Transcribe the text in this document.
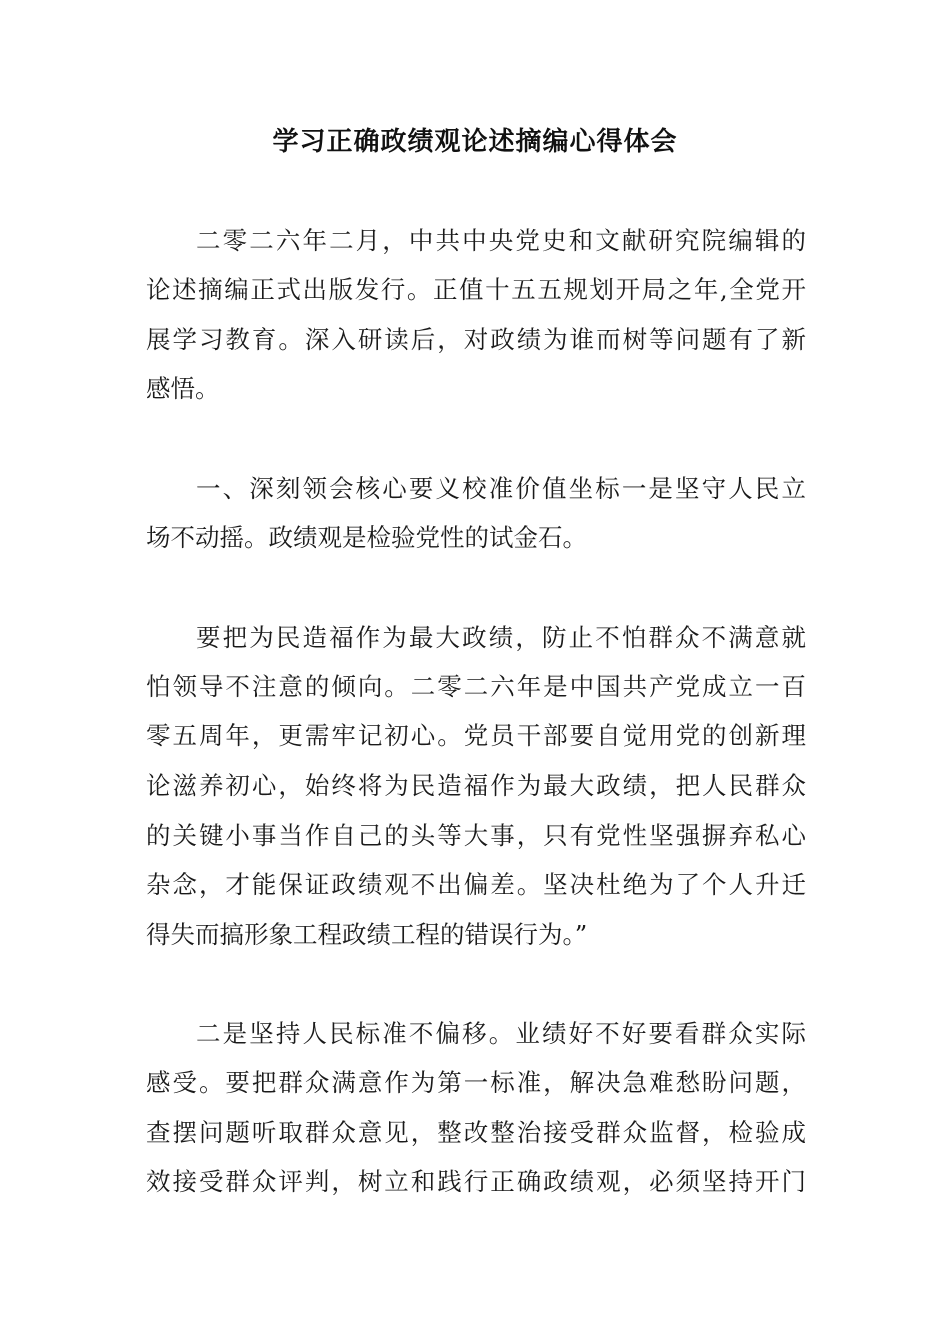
学习正确政绩观论述摘编心得体会
二零二六年二月，中共中央党史和文献研究院编辑的
论述摘编正式出版发行。正值十五五规划开局之年,全党开
展学习教育。深入研读后，对政绩为谁而树等问题有了新
感悟。
一、深刻领会核心要义校准价值坐标一是坚守人民立
场不动摇。政绩观是检验党性的试金石。
要把为民造福作为最大政绩，防止不怕群众不满意就
怕领导不注意的倾向。二零二六年是中国共产党成立一百
零五周年，更需牢记初心。党员干部要自觉用党的创新理
论滋养初心，始终将为民造福作为最大政绩，把人民群众
的关键小事当作自己的头等大事，只有党性坚强摒弃私心
杂念，才能保证政绩观不出偏差。坚决杜绝为了个人升迁
得失而搞形象工程政绩工程的错误行为。”
二是坚持人民标准不偏移。业绩好不好要看群众实际
感受。要把群众满意作为第一标准，解决急难愁盼问题，
查摆问题听取群众意见，整改整治接受群众监督，检验成
效接受群众评判，树立和践行正确政绩观，必须坚持开门
